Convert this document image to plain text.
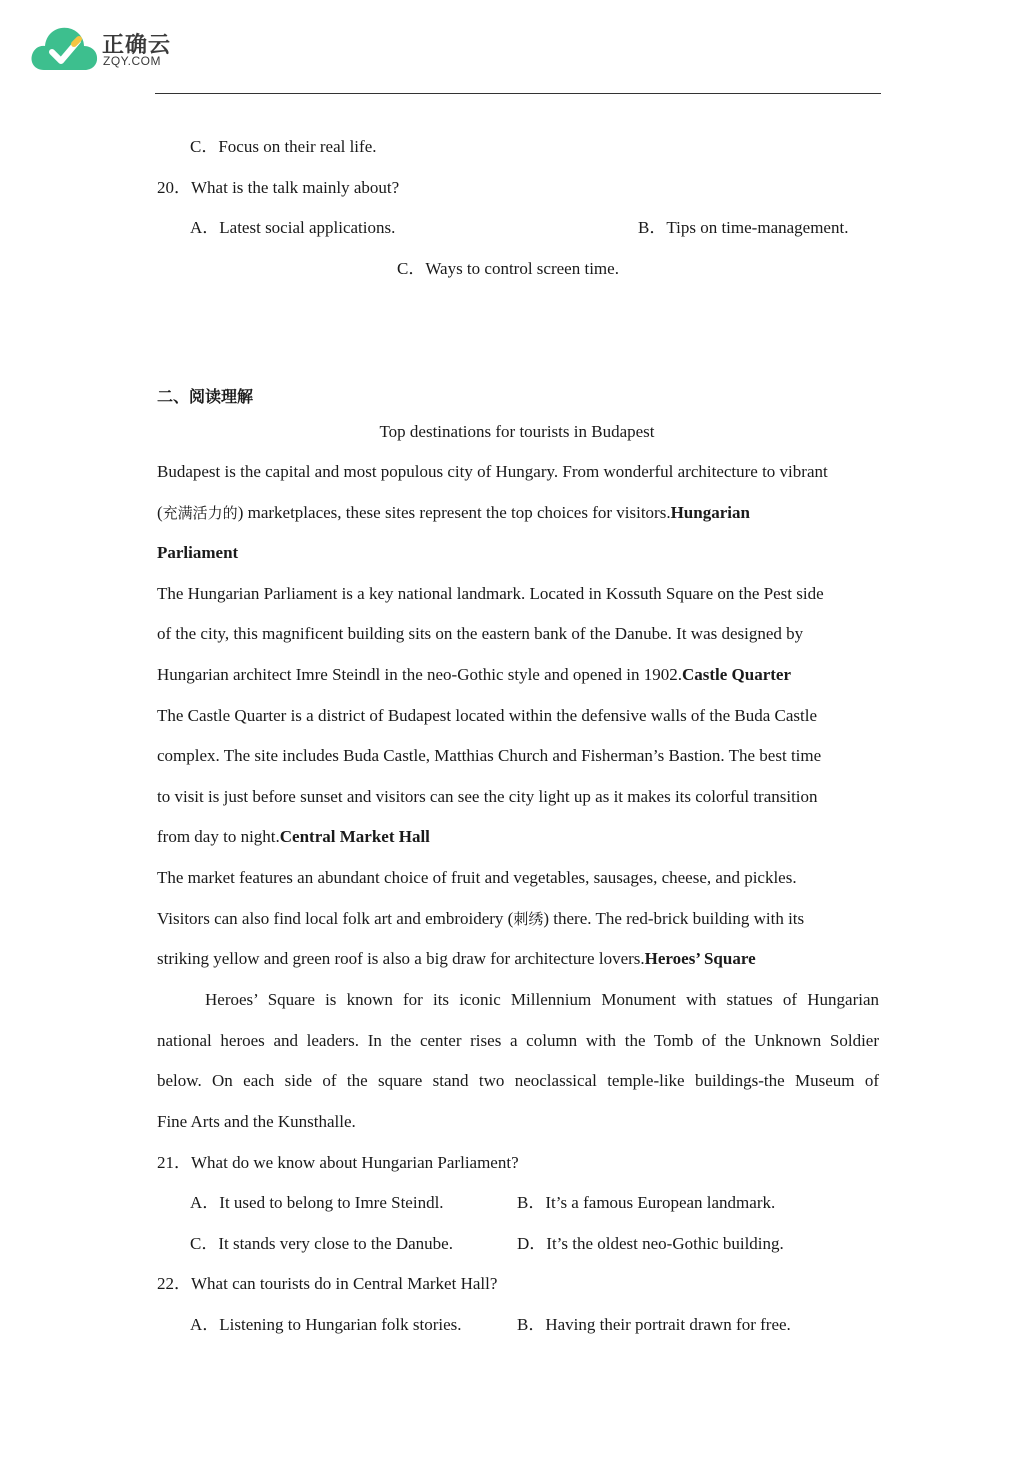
正确云
ZQY.COM
C．Focus on their real life.
20．What is the talk mainly about?
A．Latest social applications.	B．Tips on time-management.
C．Ways to control screen time.
二、阅读理解
Top destinations for tourists in Budapest
Budapest is the capital and most populous city of Hungary. From wonderful architecture to vibrant
(充满活力的) marketplaces, these sites represent the top choices for visitors.Hungarian
Parliament
The Hungarian Parliament is a key national landmark. Located in Kossuth Square on the Pest side
of the city, this magnificent building sits on the eastern bank of the Danube. It was designed by
Hungarian architect Imre Steindl in the neo-Gothic style and opened in 1902.Castle Quarter
The Castle Quarter is a district of Budapest located within the defensive walls of the Buda Castle
complex. The site includes Buda Castle, Matthias Church and Fisherman’s Bastion. The best time
to visit is just before sunset and visitors can see the city light up as it makes its colorful transition
from day to night.Central Market Hall
The market features an abundant choice of fruit and vegetables, sausages, cheese, and pickles.
Visitors can also find local folk art and embroidery (刺绣) there. The red-brick building with its
striking yellow and green roof is also a big draw for architecture lovers.Heroes’ Square
Heroes’ Square is known for its iconic Millennium Monument with statues of Hungarian
national heroes and leaders. In the center rises a column with the Tomb of the Unknown Soldier
below. On each side of the square stand two neoclassical temple-like buildings-the Museum of
Fine Arts and the Kunsthalle.
21．What do we know about Hungarian Parliament?
A．It used to belong to Imre Steindl.	B．It’s a famous European landmark.
C．It stands very close to the Danube.	D．It’s the oldest neo-Gothic building.
22．What can tourists do in Central Market Hall?
A．Listening to Hungarian folk stories.	B．Having their portrait drawn for free.
